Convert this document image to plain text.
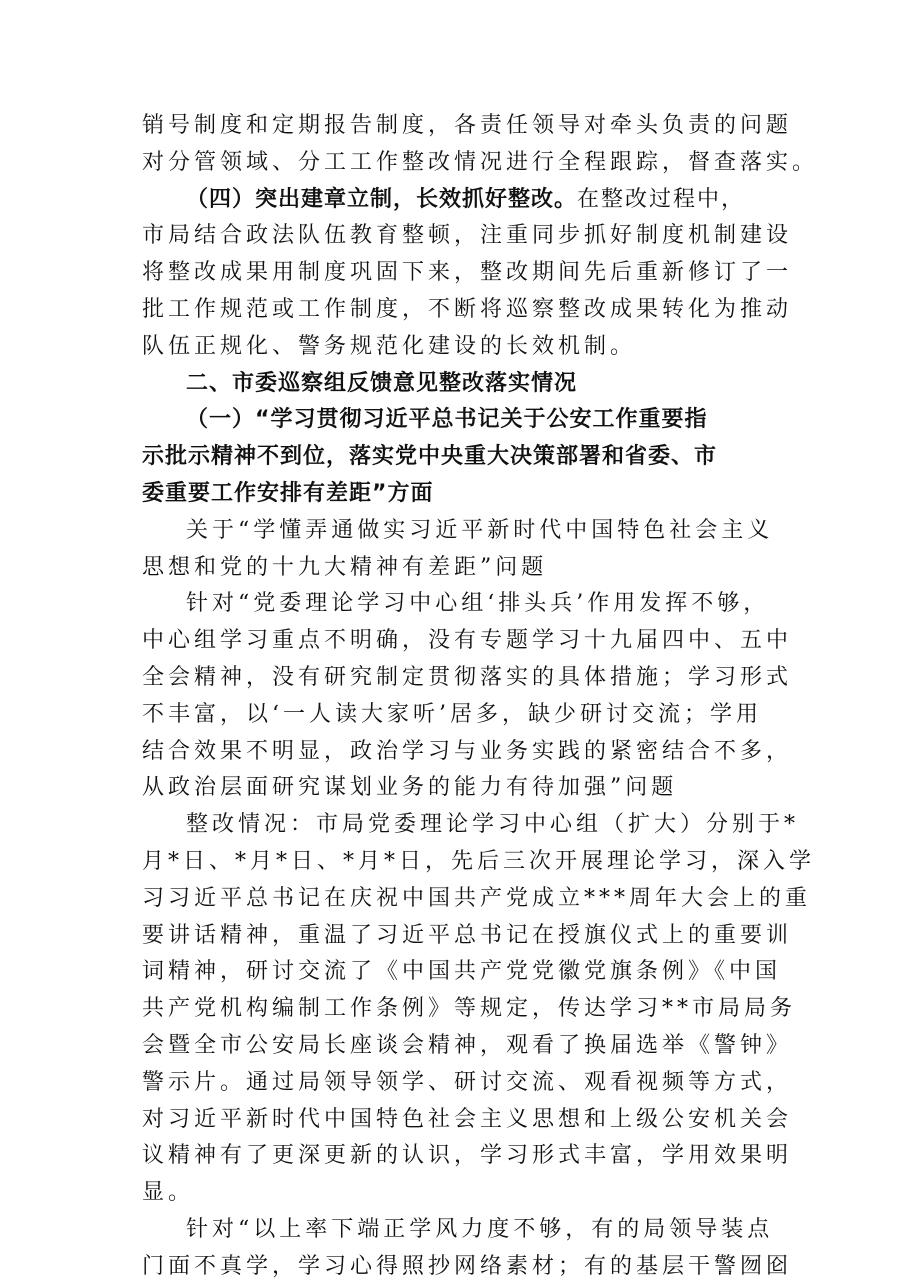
销号制度和定期报告制度，各责任领导对牵头负责的问题
对分管领域、分工工作整改情况进行全程跟踪，督查落实。
（四）突出建章立制，长效抓好整改。在整改过程中，
市局结合政法队伍教育整顿，注重同步抓好制度机制建设
将整改成果用制度巩固下来，整改期间先后重新修订了一
批工作规范或工作制度，不断将巡察整改成果转化为推动
队伍正规化、警务规范化建设的长效机制。
二、市委巡察组反馈意见整改落实情况
（一）“学习贯彻习近平总书记关于公安工作重要指
示批示精神不到位，落实党中央重大决策部署和省委、市
委重要工作安排有差距”方面
关于“学懂弄通做实习近平新时代中国特色社会主义
思想和党的十九大精神有差距”问题
针对“党委理论学习中心组‘排头兵’作用发挥不够，
中心组学习重点不明确，没有专题学习十九届四中、五中
全会精神，没有研究制定贯彻落实的具体措施；学习形式
不丰富，以‘一人读大家听’居多，缺少研讨交流；学用
结合效果不明显，政治学习与业务实践的紧密结合不多，
从政治层面研究谋划业务的能力有待加强”问题
整改情况：市局党委理论学习中心组（扩大）分别于*
月*日、*月*日、*月*日，先后三次开展理论学习，深入学
习习近平总书记在庆祝中国共产党成立***周年大会上的重
要讲话精神，重温了习近平总书记在授旗仪式上的重要训
词精神，研讨交流了《中国共产党党徽党旗条例》《中国
共产党机构编制工作条例》等规定，传达学习**市局局务
会暨全市公安局长座谈会精神，观看了换届选举《警钟》
警示片。通过局领导领学、研讨交流、观看视频等方式，
对习近平新时代中国特色社会主义思想和上级公安机关会
议精神有了更深更新的认识，学习形式丰富，学用效果明
显。
针对“以上率下端正学风力度不够，有的局领导装点
门面不真学，学习心得照抄网络素材；有的基层干警囫囵
